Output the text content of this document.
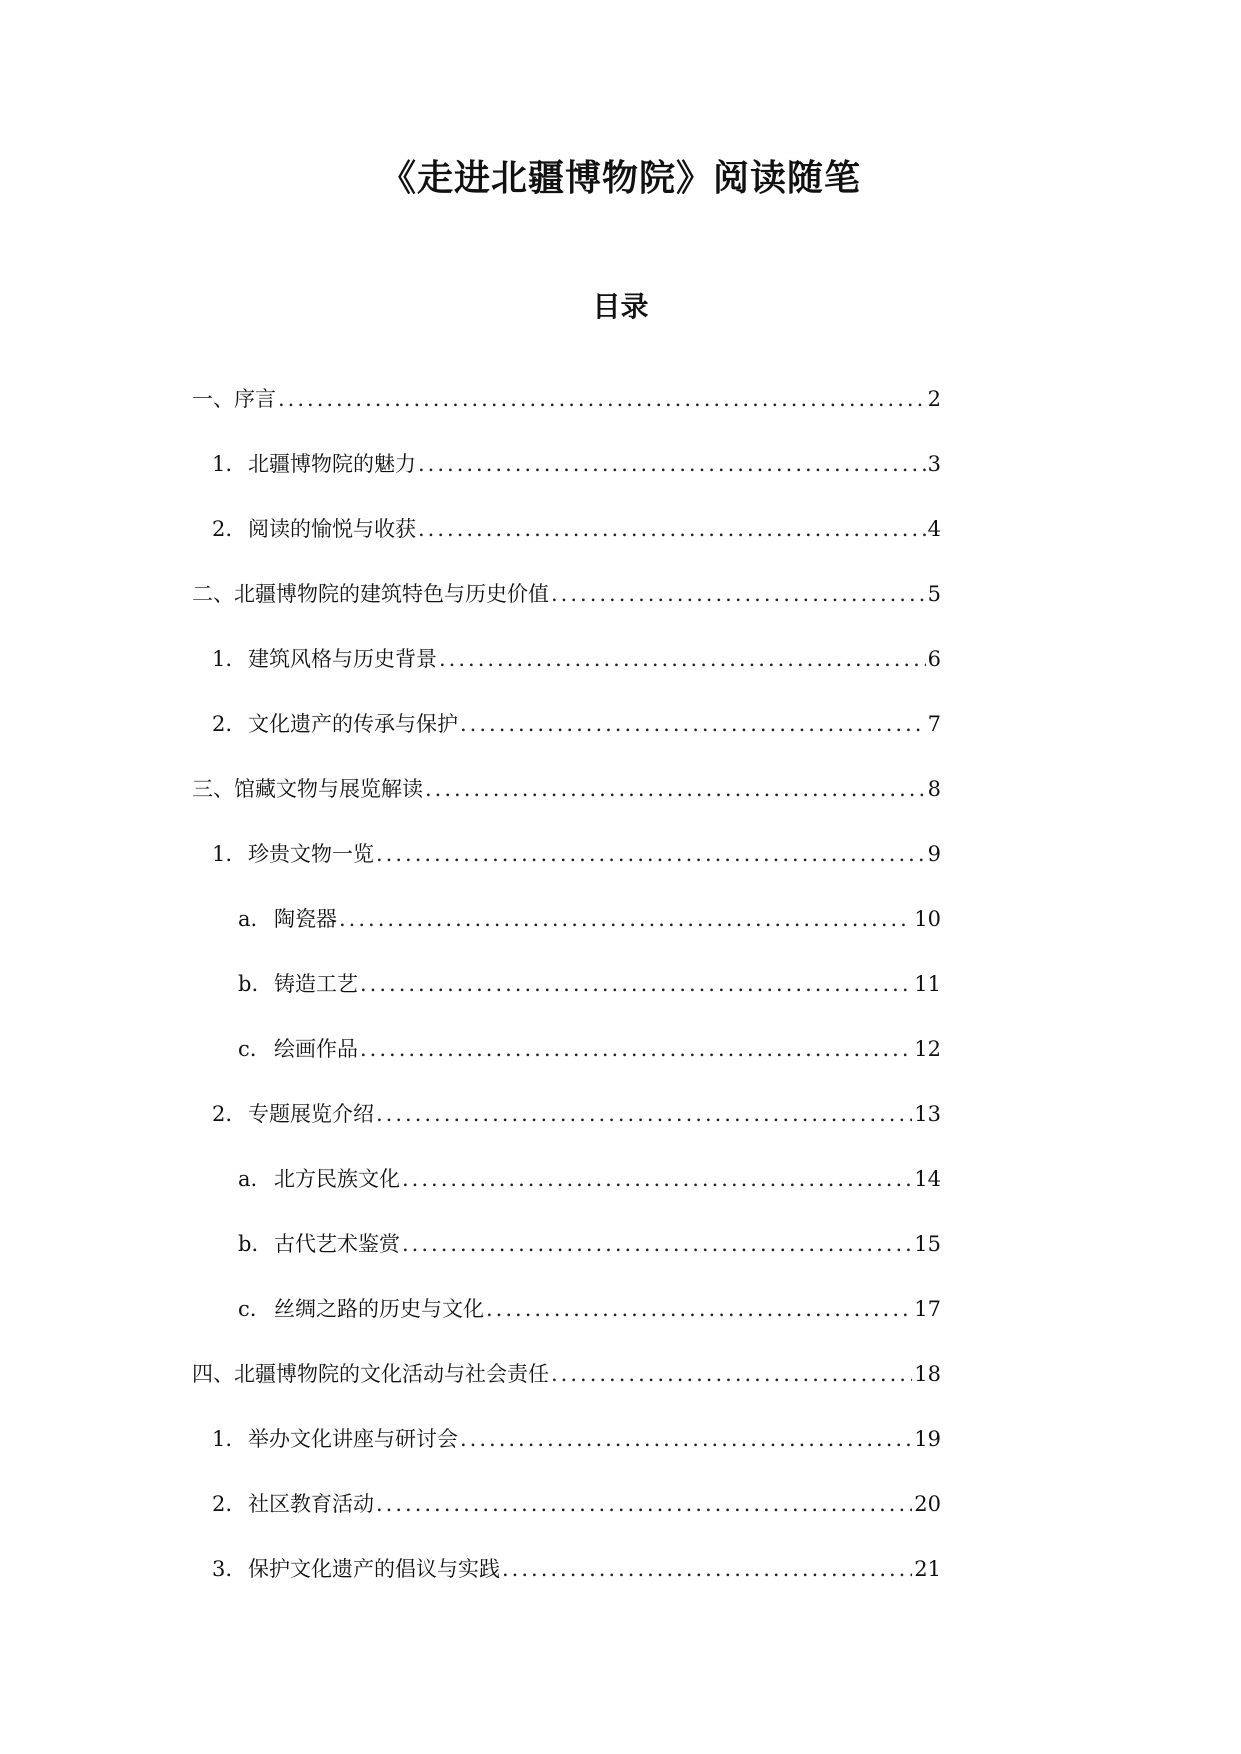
《走进北疆博物院》阅读随笔
目录
一、 序言 .....	2
1. 北疆博物院的魅力 .....	3
2. 阅读的愉悦与收获 .....	4
二、 北疆博物院的建筑特色与历史价值 .....	5
1. 建筑风格与历史背景 .....	6
2. 文化遗产的传承与保护 .....	7
三、 馆藏文物与展览解读 .....	8
1. 珍贵文物一览 .....	9
a. 陶瓷器 .....	10
b. 铸造工艺 .....	11
c. 绘画作品 .....	12
2. 专题展览介绍 .....	13
a. 北方民族文化 .....	14
b. 古代艺术鉴赏 .....	15
c. 丝绸之路的历史与文化 .....	17
四、 北疆博物院的文化活动与社会责任 .....	18
1. 举办文化讲座与研讨会 .....	19
2. 社区教育活动 .....	20
3. 保护文化遗产的倡议与实践 .....	21
